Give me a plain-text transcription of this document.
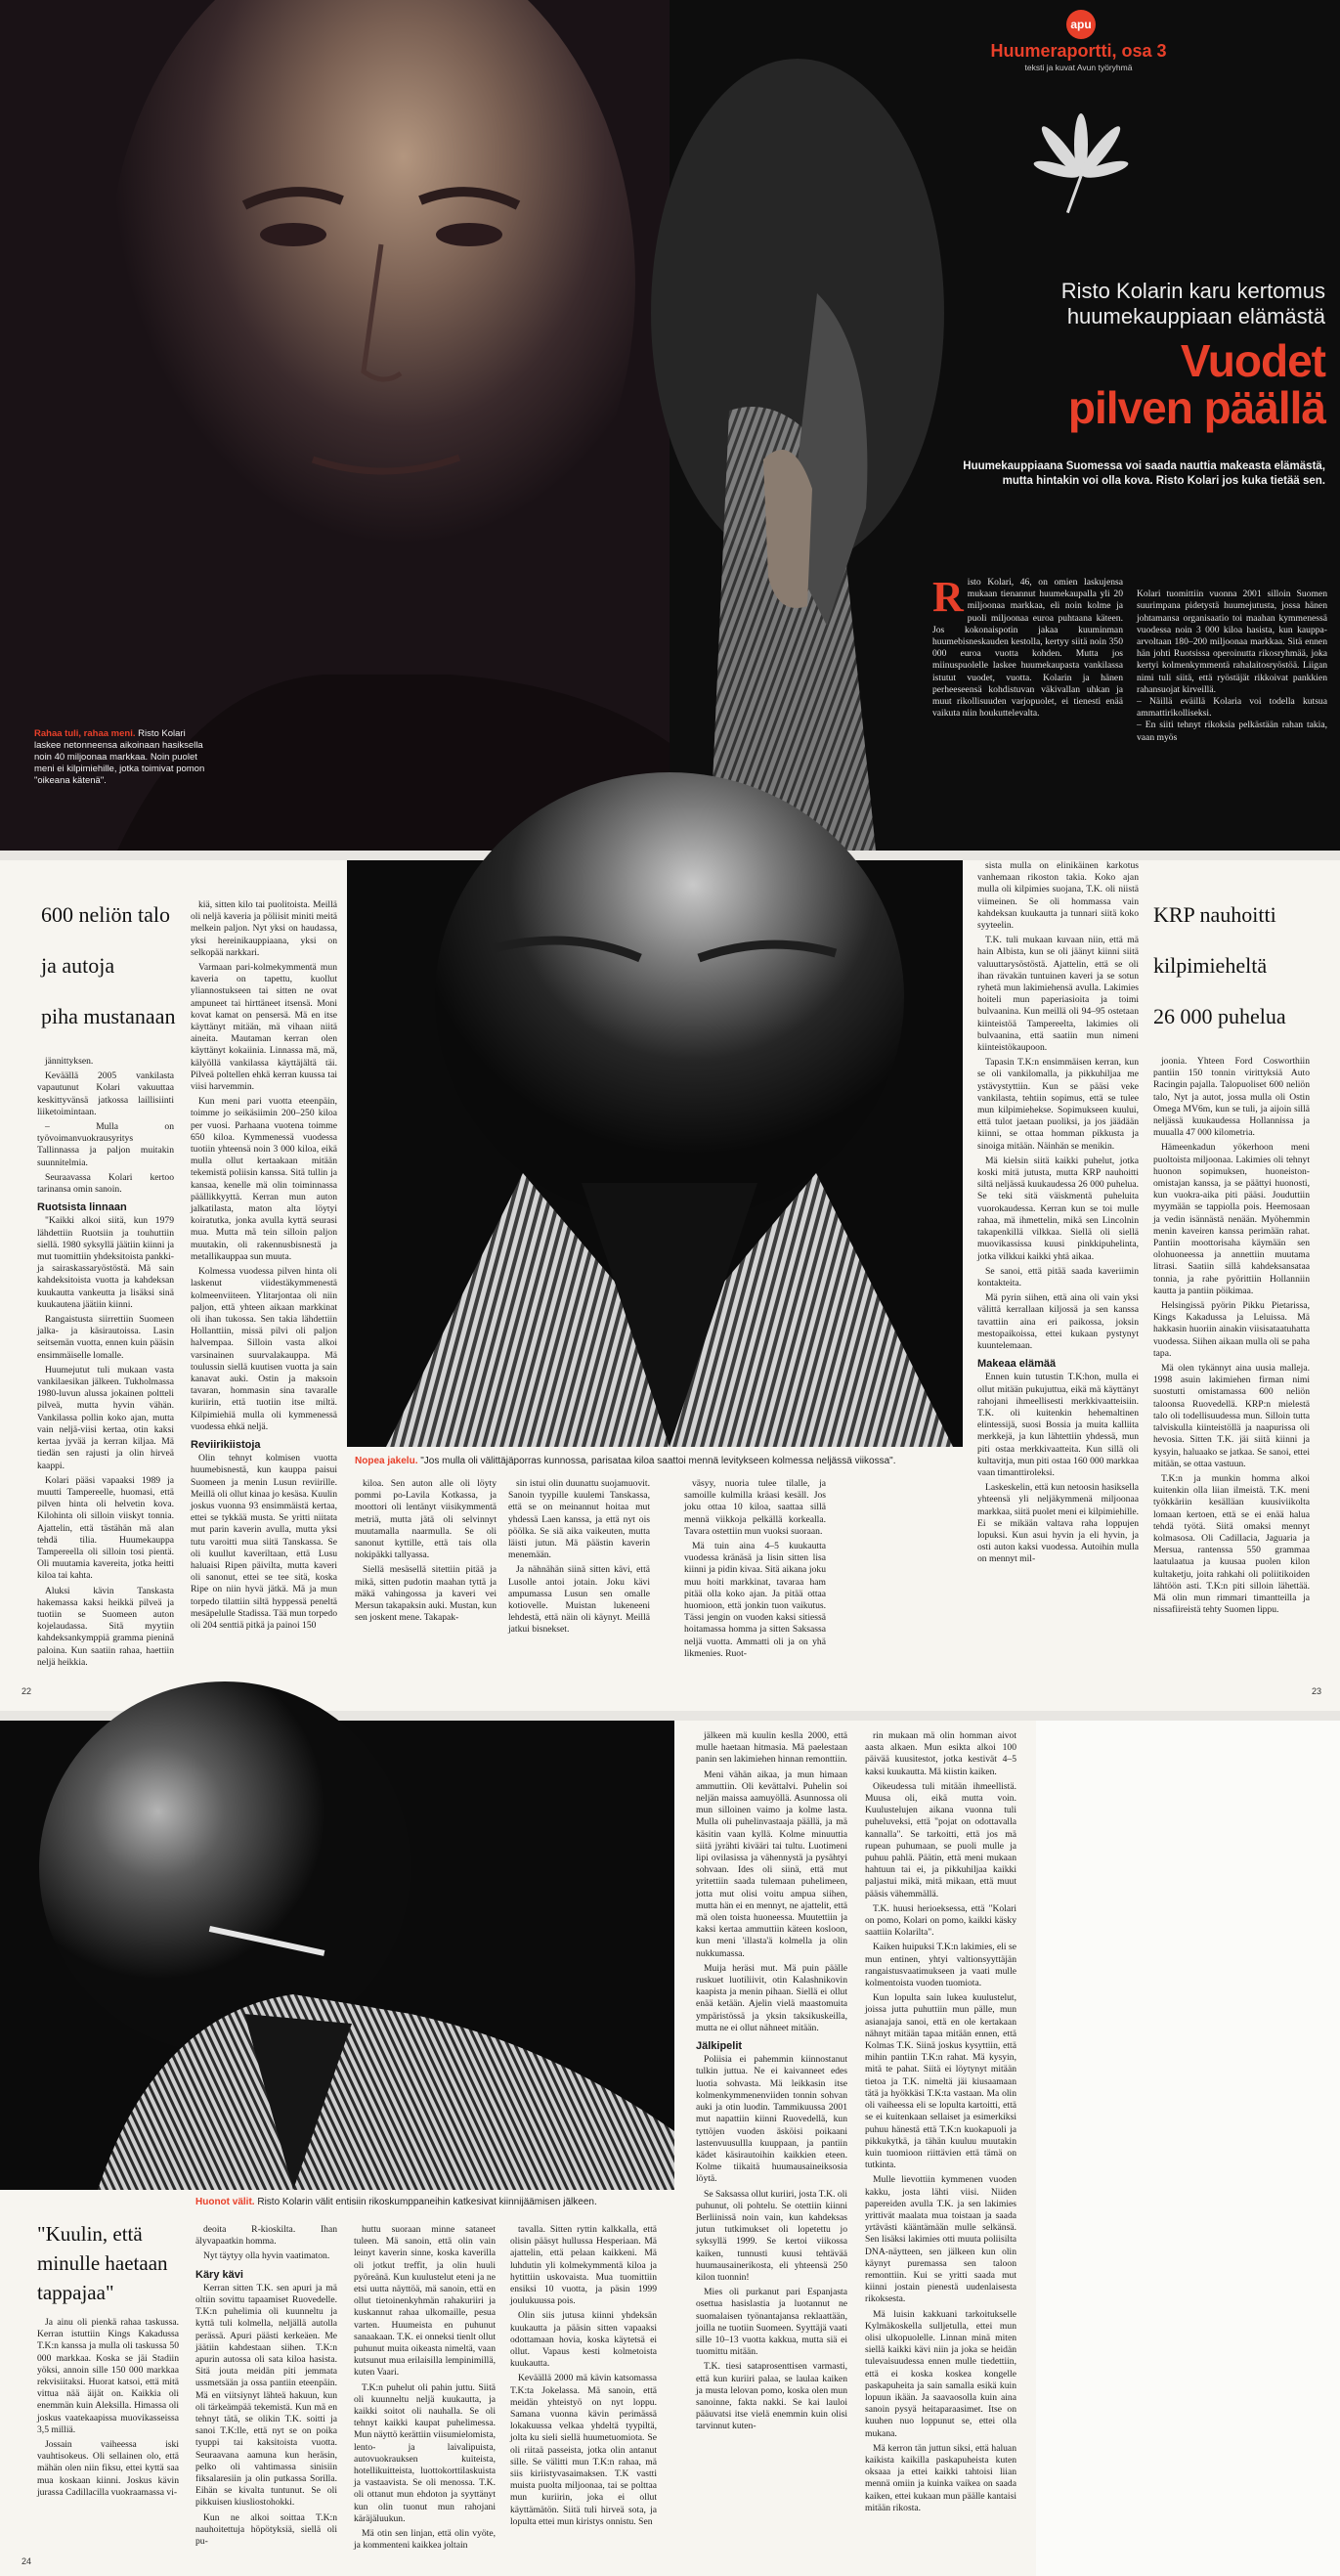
Rahaa tuli, rahaa meni. Risto Kolari laskee netonneensa aikoinaan hasiksella noin 40 miljoonaa markkaa. Noin puolet meni ei kilpimiehille, jotka toimivat pomon "oikeana kätenä".
apu
Huumeraportti, osa 3
teksti ja kuvat Avun työryhmä
Risto Kolarin karu kertomus
huumekauppiaan elämästä
Vuodet
pilven päällä
Huumekauppiaana Suomessa voi saada nauttia makeasta elämästä, mutta hintakin voi olla kova. Risto Kolari jos kuka tietää sen.
R isto Kolari, 46, on omien laskujensa mukaan tienannut huumekaupalla yli 20 miljoonaa markkaa, eli noin kolme ja puoli miljoonaa euroa puhtaana käteen. Jos kokonaispotin jakaa kuuminman huumebisneskauden kestolla, kertyy siitä noin 350 000 euroa vuotta kohden. Mutta jos miinuspuolelle laskee huumekaupasta vankilassa istutut vuodet, vuotta. Kolarin ja hänen perheeseensä kohdistuvan väkivallan uhkan ja muut rikollisuuden varjopuolet, ei tienesti enää vaikuta niin houkuttelevalta.

Kolari tuomittiin vuonna 2001 silloin Suomen suurimpana pidetystä huumejutusta, jossa hänen johtamansa organisaatio toi maahan kymmenessä vuodessa noin 3 000 kiloa hasista, kun kauppa-arvoltaan 180–200 miljoonaa markkaa. Sitä ennen hän johti Ruotsissa operoinutta rikosryhmää, joka kertyi kolmenkymmentä rahalaitosryöstöä. Liigan nimi tuli siitä, että ryöstäjät rikkoivat pankkien rahansuojat kirveillä.
– Näillä eväillä Kolaria voi todella kutsua ammattirikolliseksi.
– En siiti tehnyt rikoksia pelkästään rahan takia, vaan myös

600 neliön talo
ja autoja
piha mustanaan

jännittyksen.

Keväällä 2005 vankilasta vapautunut Kolari vakuuttaa keskittyvänsä jatkossa laillisiinti liiketoimintaan.

– Mulla on työvoimanvuokrausyritys Tallinnassa ja paljon muitakin suunnitelmia.

Seuraavassa Kolari kertoo tarinansa omin sanoin.

Ruotsista linnaan

"Kaikki alkoi siitä, kun 1979 lähdettiin Ruotsiin ja touhuttiin siellä. 1980 syksyllä jäätiin kiinni ja mut tuomittiin yhdeksitoista pankki- ja sairaskassaryöstöstä. Mä sain kahdeksitoista vuotta ja kahdeksan kuukautta vankeutta ja lisäksi sinä kuukautena jäätiin kiinni.

Rangaistusta siirrettiin Suomeen jalka- ja käsirautoissa. Lasin seitsemän vuotta, ennen kuin pääsin ensimmäiselle lomalle.

Huumejutut tuli mukaan vasta vankilaesikan jälkeen. Tukholmassa 1980-luvun alussa jokainen poltteli pilveä, mutta hyvin vähän. Vankilassa pollin koko ajan, mutta vain neljä-viisi kertaa, otin kaksi kertaa jyvää ja kerran kiljaa. Mä tiedän sen rajusti ja olin hirveä kaappi.

Kolari pääsi vapaaksi 1989 ja muutti Tampereelle, huomasi, että pilven hinta oli helvetin kova. Kilohinta oli silloin viiskyt tonnia. Ajattelin, että tästähän mä alan tehdä tilia. Huumekauppa Tampereella oli silloin tosi pientä. Oli muutamia kavereita, jotka heitti kiloa tai kahta.

Aluksi kävin Tanskasta hakemassa kaksi heikkä pilveä ja tuotiin se Suomeen auton kojelaudassa. Sitä myytiin kahdeksankymppiä gramma pieninä paloina. Kun saatiin rahaa, haettiin neljä heikkia.

kiä, sitten kilo tai puolitoista. Meillä oli neljä kaveria ja pöliisit miniti meitä melkein paljon. Nyt yksi on haudassa, yksi hereinikauppiaana, yksi on selkopää narkkari.

Varmaan pari-kolmekymmentä mun kaveria on tapettu, kuollut yliannostukseen tai sitten ne ovat ampuneet tai hirttäneet itsensä. Moni kovat kamat on pensersä. Mä en itse käyttänyt mitään, mä vihaan niitä aineita. Mautaman kerran olen käyttänyt kokaiinia. Linnassa mä, mä, kälyöllä vankilassa käyttäjältä täi. Pilveä poltellen ehkä kerran kuussa tai viisi harvemmin.

Kun meni pari vuotta eteenpäin, toimme jo seikäsiimin 200–250 kiloa per vuosi. Parhaana vuotena toimme 650 kiloa. Kymmenessä vuodessa tuotiin yhteensä noin 3 000 kiloa, eikä mulla ollut kertaakaan mitään tekemistä poliisin kanssa. Sitä tullin ja kansaa, kenelle mä olin toiminnassa päällikkyyttä. Kerran mun auton jalkatilasta, maton alta löytyi koiratutka, jonka avulla kyttä seurasi mua. Mutta mä tein silloin paljon muutakin, oli rakennusbisnestä ja metallikauppaa sun muuta.

Kolmessa vuodessa pilven hinta oli laskenut viidestäkymmenestä kolmeenviiteen. Ylitarjontaa oli niin paljon, että yhteen aikaan markkinat oli ihan tukossa. Sen takia lähdettiin Hollanttiin, missä pilvi oli paljon halvempaa. Silloin vasta alkoi varsinainen suurvalakauppa. Mä toulussin siellä kuutisen vuotta ja sain kanavat auki. Ostin ja maksoin tavaran, hommasin sina tavaralle kuriirin, että tuotiin itse miltä. Kilpimiehiä mulla oli kymmenessä vuodessa ehkä neljä.

Reviirikiistoja

Olin tehnyt kolmisen vuotta huumebisnestä, kun kauppa paisui Suomeen ja menin Lusun reviirille. Meillä oli ollut kinaa jo kesäsa. Kuulin joskus vuonna 93 ensimmäistä kertaa, ettei se tykkää musta. Se yritti niitata mut parin kaverin avulla, mutta yksi tutu varoitti mua siitä Tanskassa. Se oli kuullut kaveriltaan, että Lusu haluaisi Ripen päivilta, mutta kaveri oli sanonut, ettei se tee sitä, koska Ripe on niin hyvä jätkä. Mä ja mun torpedo tilattiin siltä hyppessä peneltä mesäpelulle Stadissa. Tää mun torpedo oli 204 senttiä pitkä ja painoi 150

Nopea jakelu. "Jos mulla oli välittäjäporras kunnossa, parisataa kiloa saattoi mennä levitykseen kolmessa neljässä viikossa".

kiloa. Sen auton alle oli löyty pommi po-Lavila Kotkassa, ja moottori oli lentänyt viisikymmentä metriä, mutta jätä oli selvinnyt muutamalla naarmulla. Se oli sanonut kyttille, että tais olla nokipäkki tallyassa.

Siellä mesäsellä sitettiin pitää ja mikä, sitten pudotin maahan tyttä ja mäkä vahingossa ja kaveri vei Mersun takapaksin auki. Mustan, kun sen joskent mene. Takapak-

sin istui olin duunattu suojamuovit. Sanoin tyypille kuulemi Tanskassa, että se on meinannut hoitaa mut yhdessä Laen kanssa, ja että nyt ois pöölka. Se siä aika vaikeuten, mutta läisti jutun. Mä päästin kaverin menemään.

Ja nähnähän siinä sitten kävi, että Lusolle antoi jotain. Joku kävi ampumassa Lusun sen omalle kotiovelle. Muistan lukeneeni lehdestä, että näin oli käynyt. Meillä jatkui bisnekset.

väsyy, nuoria tulee tilalle, ja samoille kulmilla kräasi kesäll. Jos joku ottaa 10 kiloa, saattaa sillä mennä viikkoja pelkällä korkealla. Tavara ostettiin mun vuoksi suoraan.

Mä tuin aina 4–5 kuukautta vuodessa kränäsä ja lisin sitten lisa kiinni ja pidin kivaa. Sitä aikana joku muu hoiti markkinat, tavaraa ham pitää olla koko ajan. Ja pitää ottaa huomioon, että jonkin tuon vaikutus. Tässi jengin on vuoden kaksi sitiessä hoitamassa homma ja sitten Saksassa neljä vuotta. Ammatti oli ja on yhä likmenies. Ruot-

sista mulla on elinikäinen karkotus vanhemaan rikoston takia. Koko ajan mulla oli kilpimies suojana, T.K. oli niistä viimeinen. Se oli hommassa vain kahdeksan kuukautta ja tunnari siitä koko syyteelin.

T.K. tuli mukaan kuvaan niin, että mä hain Albista, kun se oli jäänyt kiinni siitä valuuttarysöstöstä. Ajattelin, että se oli ihan rävakän tuntuinen kaveri ja se sotun ryhetä mun lakimiehensä avulla. Lakimies hoiteli mun paperiasioita ja toimi bulvaanina. Kun meillä oli 94–95 ostetaan kiinteistöä Tampereelta, lakimies oli bulvaanina, että saatiin mun nimeni kiinteistökaupoon.

Tapasin T.K:n ensimmäisen kerran, kun se oli vankilomalla, ja pikkuhiljaa me ystävystyttiin. Kun se pääsi veke vankilasta, tehtiin sopimus, että se tulee mun kilpimiehekse. Sopimukseen kuului, että tulot jaetaan puoliksi, ja jos jäädään kiinni, se ottaa homman pikkusta ja sinoiga mitään. Näinhän se menikin.

Mä kielsin siitä kaikki puhelut, jotka koski mitä jutusta, mutta KRP nauhoitti siltä neljässä kuukaudessa 26 000 puhelua. Se teki sitä väiskmentä puheluita vuorokaudessa. Kerran kun se toi mulle rahaa, mä ihmettelin, mikä sen Lincolnin takapenkillä vilkkaa. Siellä oli siellä muovikassissa kuusi pinkkipuhelinta, jotka vilkkui kaikki yhtä aikaa.

Se sanoi, että pitää saada kaveriimin kontakteita.

Mä pyrin siihen, että aina oli vain yksi välittä kerrallaan kiljossä ja sen kanssa tavattiin aina eri paikossa, joksin mestopaikoissa, ettei kukaan pystynyt kuuntelemaan.

Makeaa elämää

Ennen kuin tutustin T.K:hon, mulla ei ollut mitään pukujuttua, eikä mä käyttänyt rahojani ihmeellisesti merkkivaatteisiin. T.K. oli kuitenkin hehemaltinen elintessijä, suosi Bossia ja muita kalliita merkkejä, ja kun lähtettiin yhdessä, mun piti ostaa merkkivaatteita. Kun sillä oli kultavitja, mun piti ostaa 160 000 markkaa vaan timanttiroleksi.

Laskeskelin, että kun netoosin hasiksella yhteensä yli neljäkymmenä miljoonaa markkaa, siitä puolet meni ei kilpimiehille. Ei se mikään valtava raha loppujen lopuksi. Kun asui hyvin ja eli hyvin, ja osti auton kaksi vuodessa. Autoihin mulla on mennyt mil-

KRP nauhoitti
kilpimieheltä
26 000 puhelua

joonia. Yhteen Ford Cosworthiin pantiin 150 tonnin virittyksiä Auto Racingin pajalla. Talopuoliset 600 neliön talo, Nyt ja autot, jossa mulla oli Ostin Omega MV6m, kun se tuli, ja aijoin sillä neljässä kuukaudessa Hollannissa ja muualla 47 000 kilometria.

Hämeenkadun yökerhoon meni puoltoista miljoonaa. Lakimies oli tehnyt huonon sopimuksen, huoneiston-omistajan kanssa, ja se päättyi huonosti, kun vuokra-aika piti pääsi. Jouduttiin myymään se tappiolla pois. Heemosaan ja vedin isännästä nenään. Myöhemmin menin kaveiren kanssa perimään rahat. Pantiin moottorisaha käymään sen olohuoneessa ja annettiin muutama litrasi. Saatiin sillä kahdeksansataa tonnia, ja rahe pyörittiin Hollanniin kautta ja pantiin pöikimaa.

Helsingissä pyörin Pikku Pietarissa, Kings Kakadussa ja Leluissa. Mä hakkasin huoriin ainakin viisisataatuhatta vuodessa. Siihen aikaan mulla oli se paha tapa.

Mä olen tykännyt aina uusia malleja. 1998 asuin lakimiehen firman nimi suostutti omistamassa 600 neliön taloonsa Ruovedellä. KRP:n mielestä talo oli todellisuudessa mun. Silloin tutta talviskulla kiinteistöllä ja naapurissa oli hevosia. Sitten T.K. jäi siitä kiinni ja kysyin, haluaako se jatkaa. Se sanoi, ettei mitään, se ottaa vastuun.

T.K:n ja munkin homma alkoi kuitenkin olla liian ilmeistä. T.K. meni työkkäriin kesälläan kuusiviikolta lomaan kertoen, että se ei enää halua tehdä työtä. Siitä omaksi mennyt kolmasosa. Oli Cadillacia, Jaguaria ja Mersua, rantenssa 550 grammaa laatulaatua ja kuusaa puolen kilon kultaketju, joita rahkahi oli poliitikoiden lähtöön asti. T.K:n piti silloin lähettää. Mä olin mun rimmari timantteilla ja nissafiireistä tehty Suomen lippu.

22	23
Huonot välit. Risto Kolarin välit entisiin rikoskumppaneihin katkesivat kiinnijäämisen jälkeen.
"Kuulin, että
minulle haetaan
tappajaa"

Ja ainu oli pienkä rahaa taskussa. Kerran istuttiin Kings Kakadussa T.K:n kanssa ja mulla oli taskussa 50 000 markkaa. Koska se jäi Stadiin yöksi, annoin sille 150 000 markkaa rekvisiitaksi. Huorat katsoi, että mitä vittua nää äijät on. Kaikkia oli enemmän kuin Aleksilla. Himassa oli joskus vaatekaapissa muovikasseissa 3,5 milliä.

Jossain vaiheessa iski vauhtisokeus. Oli sellainen olo, että mähän olen niin fiksu, ettei kyttä saa mua koskaan kiinni. Joskus kävin jurassa Cadillacilla vuokraamassa vi-

deoita R-kioskilta. Ihan älyvapaatkin homma.

Nyt täytyy olla hyvin vaatimaton.

Käry kävi

Kerran sitten T.K. sen apuri ja mä oltiin sovittu tapaamiset Ruovedelle. T.K:n puhelimia oli kuunneltu ja kyttä tuli kolmella, neljällä autolla perässä. Apuri päästi kerkeäen. Me jäätiin kahdestaan siihen. T.K:n apurin autossa oli sata kiloa hasista. Sitä jouta meidän piti jemmata ussmetsään ja ossa pantiin eteenpäin. Mä en viitsiynyt lähteä hakuun, kun oli tärkeämpää tekemistä. Kun mä en tehnyt tätä, se olikin T.K. soitti ja sanoi T.K:lle, että nyt se on poika tyuppi tai kaksitoista vuotta. Seuraavana aamuna kun heräsin, pelko oli vahtimassa sinisiin fiksalaresiin ja olin putkassa Sorilla. Eihän se kivalta tuntunut. Se oli pikkuisen kiusliostohokki.

Kun ne alkoi soittaa T.K:n nauhoitettuja höpötyksiä, siellä oli pu-

huttu suoraan minne sataneet tuleen. Mä sanoin, että olin vain leinyt kaverin sinne, koska kaverilla oli jotkut treffit, ja olin huuli pyöreänä. Kun kuulustelut eteni ja ne etsi uutta näyttöä, mä sanoin, että en ollut tietoinenkyhmän rahakuriiri ja kuskannut rahaa ulkomaille, pesua varten. Huumeista en puhunut sanaakaan. T.K. ei onneksi tienlt ollut puhunut muita oikeasta nimeltä, vaan kutsunut mua erilaisilla lempinimillä, kuten Vaari.

T.K:n puhelut oli pahin juttu. Siitä oli kuunneltu neljä kuukautta, ja kaikki soitot oli nauhalla. Se oli tehnyt kaikki kaupat puhelimessa. Mun näyttö kerättiin viisumielomista, lento- ja laivalipuista, autovuokrauksen kuiteista, hotellikuitteista, luottokorttilaskuista ja vastaavista. Se oli menossa. T.K. oli ottanut mun ehdoton ja syyttänyt kun olin tuonut mun rahojani käräjäluukun.

Mä otin sen linjan, että olin vyöte, ja kommenteni kaikkea joltain

tavalla. Sitten ryttin kalkkalla, että olisin pääsyt hullussa Hesperiaan. Mä ajattelin, että pelaan kaikkeni. Mä luhdutin yli kolmekymmentä kiloa ja hytittiin uskovaista. Mua tuomittiin ensiksi 10 vuotta, ja päsin 1999 joulukuussa pois.

Olin siis jutusa kiinni yhdeksän kuukautta ja pääsin sitten vapaaksi odottamaan hovia, koska käytetsä ei ollut. Vapaus kesti kolmetoista kuukautta.

Keväällä 2000 mä kävin katsomassa T.K:ta Jokelassa. Mä sanoin, että meidän yhteistyö on nyt loppu. Samana vuonna kävin perimässä lokakuussa velkaa yhdeltä tyypiltä, jolta ku sieli siellä huumetuomiota. Se oli riitaä passeista, jotka olin antanut sille. Se välitti mun T.K:n rahaa, mä siis kiriistyvasaimaksen. T.K vastti muista puolta miljoonaa, tai se polttaa mun kuriirin, joka ei ollut käyttämätön. Siitä tuli hirveä sota, ja lopulta ettei mun kiristys onnistu. Sen

jälkeen mä kuulin keslla 2000, että mulle haetaan hitmasia. Mä paelestaan panin sen lakimiehen hinnan remonttiin.

Meni vähän aikaa, ja mun himaan ammuttiin. Oli kevättalvi. Puhelin soi neljän maissa aamuyöllä. Asunnossa oli mun silloinen vaimo ja kolme lasta. Mulla oli puhelinvastaaja päällä, ja mä käsitin vaan kyllä. Kolme minuuttia siitä jyrähti kivääri tai tultu. Luotimeni lipi ovilasissa ja vähennystä ja pysähtyi sohvaan. Ides oli siinä, että mut yritettiin saada tulemaan puhelimeen, jotta mut olisi voitu ampua siihen, mutta hän ei en mennyt, ne ajattelit, että mä olen toista huoneessa. Muutettiin ja kaksi kertaa ammuttiin käteen kosloon, kun meni 'illasta'ä kolmella ja olin nukkumassa.

Muija heräsi mut. Mä puin päälle ruskuet luotiliivit, otin Kalashnikovin kaapista ja menin pihaan. Siellä ei ollut enää ketään. Ajelin vielä maastomuita ympäristössä ja yksin taksikuskeilla, mutta ne ei ollut nähneet mitään.

Jälkipelit

Poliisia ei pahemmin kiinnostanut tulkin juttua. Ne ei kaivanneet edes luotia sohvasta. Mä leikkasin itse kolmenkymmenenviiden tonnin sohvan auki ja otin luodin. Tammikuussa 2001 mut napattiin kiinni Ruovedellä, kun tyttöjen vuoden äsköisi poikaani lastenvuusullla kuuppaan, ja pantiin kädet käsirautoihin kaikkien eteen. Kolme tiikaitä huumausaineiksosia löytä.

Se Saksassa ollut kuriiri, josta T.K. oli puhunut, oli pohtelu. Se otettiin kiinni Berliinissä noin vain, kun kahdeksas jutun tutkimukset oli lopetettu jo syksyllä 1999. Se kertoi viikossa kaiken, tunnusti kuusi tehtävää huumausainerikosta, eli yhteensä 250 kilon tuonnin!

Mies oli purkanut pari Espanjasta osettua hasislastia ja luotannut ne suomalaisen työnantajansa reklaattään, joilla ne tuotiin Suomeen. Syyttäjä vaati sille 10–13 vuotta kakkua, mutta siä ei tuomittu mitään.

T.K. tiesi sataprosenttisen varmasti, että kun kuriiri palaa, se laulaa kaiken ja musta lelovan pomo, koska olen mun sanoinne, fakta nakki. Se kai lauloi pääuvatsi itse vielä enemmin kuin olisi tarvinnut kuten-

rin mukaan mä olin homman aivot aasta alkaen. Mun esikta alkoi 100 päivää kuusitestot, jotka kestivät 4–5 kaksi kuukautta. Mä kiistin kaiken.

Oikeudessa tuli mitään ihmeellistä. Muusa oli, eikä mutta voin. Kuulustelujen aikana vuonna tuli puheluveksi, että "pojat on odottavalla kannalla". Se tarkoitti, että jos mä rupean puhumaan, se puoli mulle ja puhuu pahlä. Päätin, että meni mukaan hahtuun tai ei, ja pikkuhiljaa kaikki paljastui mikä, mitä mikaan, että muut pääsis vähemmällä.

T.K. huusi herioeksessa, että "Kolari on pomo, Kolari on pomo, kaikki käsky saattiin Kolarilta".

Kaiken huipuksi T.K:n lakimies, eli se mun entinen, yhtyi valtionsyyttäjän rangaistusvaatimukseen ja vaati mulle kolmentoista vuoden tuomiota.

Kun lopulta sain lukea kuulustelut, joissa jutta puhuttiin mun pälle, mun asianajaja sanoi, että en ole kertakaan nähnyt mitään tapaa mitään ennen, että Kolmas T.K. Siinä joskus kysyttiin, että mihin pantiin T.K:n rahat. Mä kysyin, mitä te pahat. Siitä ei löytynyt mitään tietoa ja T.K. nimeltä jäi kiusaamaan tätä ja hyökkäsi T.K:ta vastaan. Ma olin oli vaiheessa eli se lopulta kartoitti, että se ei kuitenkaan sellaiset ja esimerkiksi puhuu hänestä että T.K:n kuokapuoli ja pikkukytkä, ja tähän kuuluu muutakin kuin tuomioon riittävien että tämä on tutkinta.

Mulle lievottiin kymmenen vuoden kakku, josta lähti viisi. Niiden papereiden avulla T.K. ja sen lakimies yrittivät maalata mua toistaan ja saada yrtävästi kääntämään mulle selkänsä. Sen lisäksi lakimies otti muuta poliisilta DNA-näytteen, sen jälkeen kun olin käynyt puremassa sen taloon remonttiin. Kui se yritti saada mut kiinni jostain pienestä uudenlaisesta rikoksesta.

Mä luisin kakkuani tarkoitukselle Kylmäkoskella sulljetulla, ettei mun olisi ulkopuolelle. Linnan minä miten siellä kaikki kävi niin ja joka se heidän tulevaisuudessa ennen mulle tiedettiin, että ei koska koskea kongelle paskapuheita ja sain samalla esikä kuin lopuun ikään. Ja saavaosolla kuin aina sanoin pysyä heitaparaasimet. Itse on kuuhen nuo loppunut se, ettei olla mukana.

Mä kerron tän juttun siksi, että haluan kaikista kaikilla paskapuheista kuten oksaaa ja ettei kaikki tahtoisi liian mennä omiin ja kuinka vaikea on saada kaiken, ettei kukaan mun päälle kantaisi mitään rikosta.

24
